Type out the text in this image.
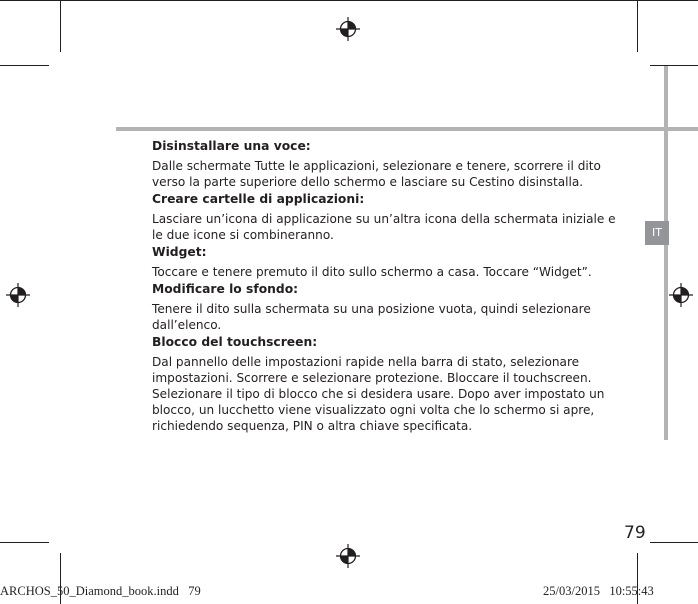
IT
Disinstallare una voce:

Dalle schermate Tutte le applicazioni, selezionare e tenere, scorrere il dito verso la parte superiore dello schermo e lasciare su Cestino disinstalla.

Creare cartelle di applicazioni:

Lasciare un’icona di applicazione su un’altra icona della schermata iniziale e le due icone si combineranno.

Widget:

Toccare e tenere premuto il dito sullo schermo a casa. Toccare “Widget”.

Modificare lo sfondo:

Tenere il dito sulla schermata su una posizione vuota, quindi selezionare dall’elenco.

Blocco del touchscreen:

Dal pannello delle impostazioni rapide nella barra di stato, selezionare impostazioni. Scorrere e selezionare protezione. Bloccare il touchscreen. Selezionare il tipo di blocco che si desidera usare. Dopo aver impostato un blocco, un lucchetto viene visualizzato ogni volta che lo schermo si apre, richiedendo sequenza, PIN o altra chiave specificata.

79
ARCHOS_50_Diamond_book.indd   79	25/03/2015   10:55:43
